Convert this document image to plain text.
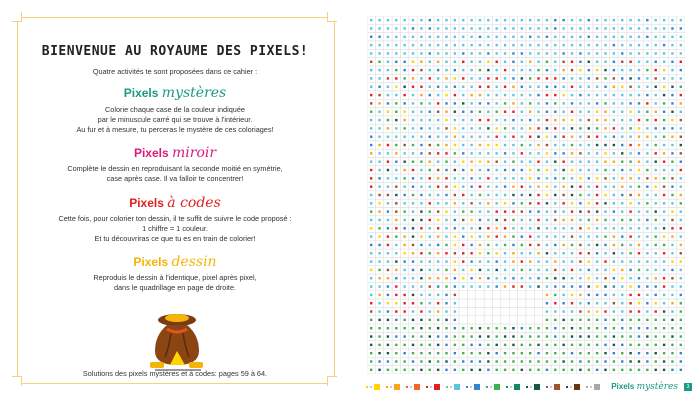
BIENVENUE AU ROYAUME DES PIXELS!
Quatre activités te sont proposées dans ce cahier :
Pixels mystères
Colorie chaque case de la couleur indiquée
par le minuscule carré qui se trouve à l'intérieur.
Au fur et à mesure, tu perceras le mystère de ces coloriages!
Pixels miroir
Complète le dessin en reproduisant la seconde moitié en symétrie,
case après case. Il va falloir te concentrer!
Pixels à codes
Cette fois, pour colorier ton dessin, il te suffit de suivre le code proposé :
1 chiffre = 1 couleur.
Et tu découvriras ce que tu es en train de colorier!
Pixels dessin
Reproduis le dessin à l'identique, pixel après pixel,
dans le quadrillage en page de droite.
Solutions des pixels mystères et à codes: pages 59 à 64.
Pixels mystères	3
